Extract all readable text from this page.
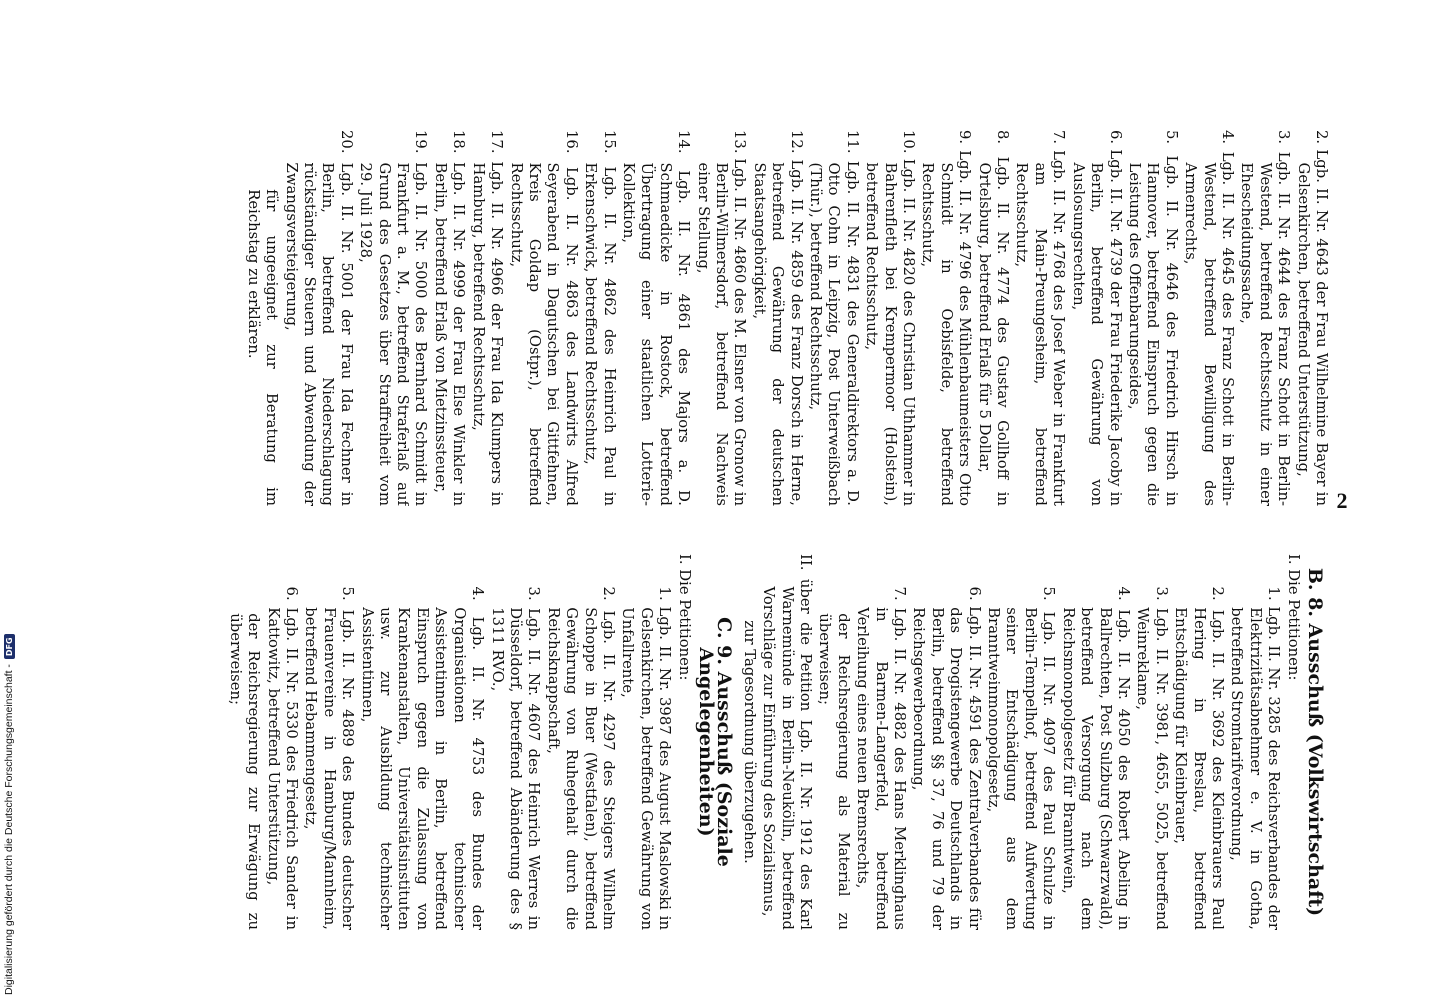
2

2. Lgb. II. Nr. 4643 der Frau Wilhelmine Bayer in Gelsenkirchen, betreffend Unterstützung,

3. Lgb. II. Nr. 4644 des Franz Schott in Berlin-Westend, betreffend Rechtsschutz in einer Ehescheidungssache,

4. Lgb. II. Nr. 4645 des Franz Schott in Berlin-Westend, betreffend Bewilligung des Armenrechts,

5. Lgb. II. Nr. 4646 des Friedrich Hirsch in Hannover, betreffend Einspruch gegen die Leistung des Offenbarungseides,

6. Lgb. II. Nr. 4739 der Frau Friederike Jacoby in Berlin, betreffend Gewährung von Auslosungsrechten,

7. Lgb. II. Nr. 4768 des Josef Weber in Frankfurt am Main-Preungesheim, betreffend Rechtsschutz,

8. Lgb. II. Nr. 4774 des Gustav Gollhoff in Ortelsburg, betreffend Erlaß für 5 Dollar,

9. Lgb. II. Nr. 4796 des Mühlenbaumeisters Otto Schmidt in Oebisfelde, betreffend Rechtsschutz,

10. Lgb. II. Nr. 4820 des Christian Uthhammer in Bahrenfleth bei Krempermoor (Holstein), betreffend Rechtsschutz,

11. Lgb. II. Nr. 4831 des Generaldirektors a. D. Otto Cohn in Leipzig, Post Unterweißbach (Thür.), betreffend Rechtsschutz,

12. Lgb. II. Nr. 4859 des Franz Dorsch in Herne, betreffend Gewährung der deutschen Staatsangehörigkeit,

13. Lgb. II. Nr. 4860 des M. Elsner von Gronow in Berlin-Wilmersdorf, betreffend Nachweis einer Stellung,

14. Lgb. II. Nr. 4861 des Majors a. D. Schmaedicke in Rostock, betreffend Übertragung einer staatlichen Lotterie-Kollektion,

15. Lgb. II. Nr. 4862 des Heinrich Paul in Erkenschwick, betreffend Rechtsschutz,

16. Lgb. II. Nr. 4863 des Landwirts Alfred Seyerabend in Dagutschen bei Gittfehnen, Kreis Goldap (Ostpr.), betreffend Rechtsschutz,

17. Lgb. II. Nr. 4966 der Frau Ida Klumpers in Hamburg, betreffend Rechtsschutz,

18. Lgb. II. Nr. 4999 der Frau Else Winkler in Berlin, betreffend Erlaß von Mietzinssteuer,

19. Lgb. II. Nr. 5000 des Bernhard Schmidt in Frankfurt a. M., betreffend Straferlaß auf Grund des Gesetzes über Straffreiheit vom 29. Juli 1928,

20. Lgb. II. Nr. 5001 der Frau Ida Fechner in Berlin, betreffend Niederschlagung rückständiger Steuern und Abwendung der Zwangsversteigerung,

für ungeeignet zur Beratung im Reichstag zu erklären.

B. 8. Ausschuß (Volkswirtschaft)

I. Die Petitionen:

1. Lgb. II. Nr. 3285 des Reichsverbandes der Elektrizitätsabnehmer e. V. in Gotha, betreffend Stromtarifverordnung,

2. Lgb. II. Nr. 3692 des Kleinbrauers Paul Hering in Breslau, betreffend Entschädigung für Kleinbrauer,

3. Lgb. II. Nr. 3981, 4655, 5025, betreffend Weinreklame,

4. Lgb. II. Nr. 4050 des Robert Abeling in Ballrechten, Post Sulzburg (Schwarzwald), betreffend Versorgung nach dem Reichsmonopolgesetz für Branntwein,

5. Lgb. II. Nr. 4097 des Paul Schulze in Berlin-Tempelhof, betreffend Aufwertung seiner Entschädigung aus dem Branntweinmonopolgesetz,

6. Lgb. II. Nr. 4591 des Zentralverbandes für das Drogistengewerbe Deutschlands in Berlin, betreffend §§ 37, 76 und 79 der Reichsgewerbeordnung,

7. Lgb. II. Nr. 4882 des Hans Merklinghaus in Barmen-Langerfeld, betreffend Verleihung eines neuen Bremsrechts,

der Reichsregierung als Material zu überweisen;

II. über die Petition Lgb. II. Nr. 1912 des Karl Warnemünde in Berlin-Neukölln, betreffend Vorschläge zur Einführung des Sozialismus,

zur Tagesordnung überzugehen.

C. 9. Ausschuß (Soziale Angelegenheiten)

I. Die Petitionen:

1. Lgb. II. Nr. 3987 des August Maslowski in Gelsenkirchen, betreffend Gewährung von Unfallrente,

2. Lgb. II. Nr. 4297 des Steigers Wilhelm Schoppe in Buer (Westfalen), betreffend Gewährung von Ruhegehalt durch die Reichsknappschaft,

3. Lgb. II. Nr. 4607 des Heinrich Werres in Düsseldorf, betreffend Abänderung des § 1311 RVO.,

4. Lgb. II. Nr. 4753 des Bundes der Organisationen technischer Assistentinnen in Berlin, betreffend Einspruch gegen die Zulassung von Krankenanstalten, Universitätsinstituten usw. zur Ausbildung technischer Assistentinnen,

5. Lgb. II. Nr. 4889 des Bundes deutscher Frauenvereine in Hamburg/Mannheim, betreffend Hebammengesetz,

6. Lgb. II. Nr. 5330 des Friedrich Sander in Kattowitz, betreffend Unterstützung,

der Reichsregierung zur Erwägung zu überweisen;

Digitalisierung gefördert durch die Deutsche Forschungsgemeinschaft -
DFG
